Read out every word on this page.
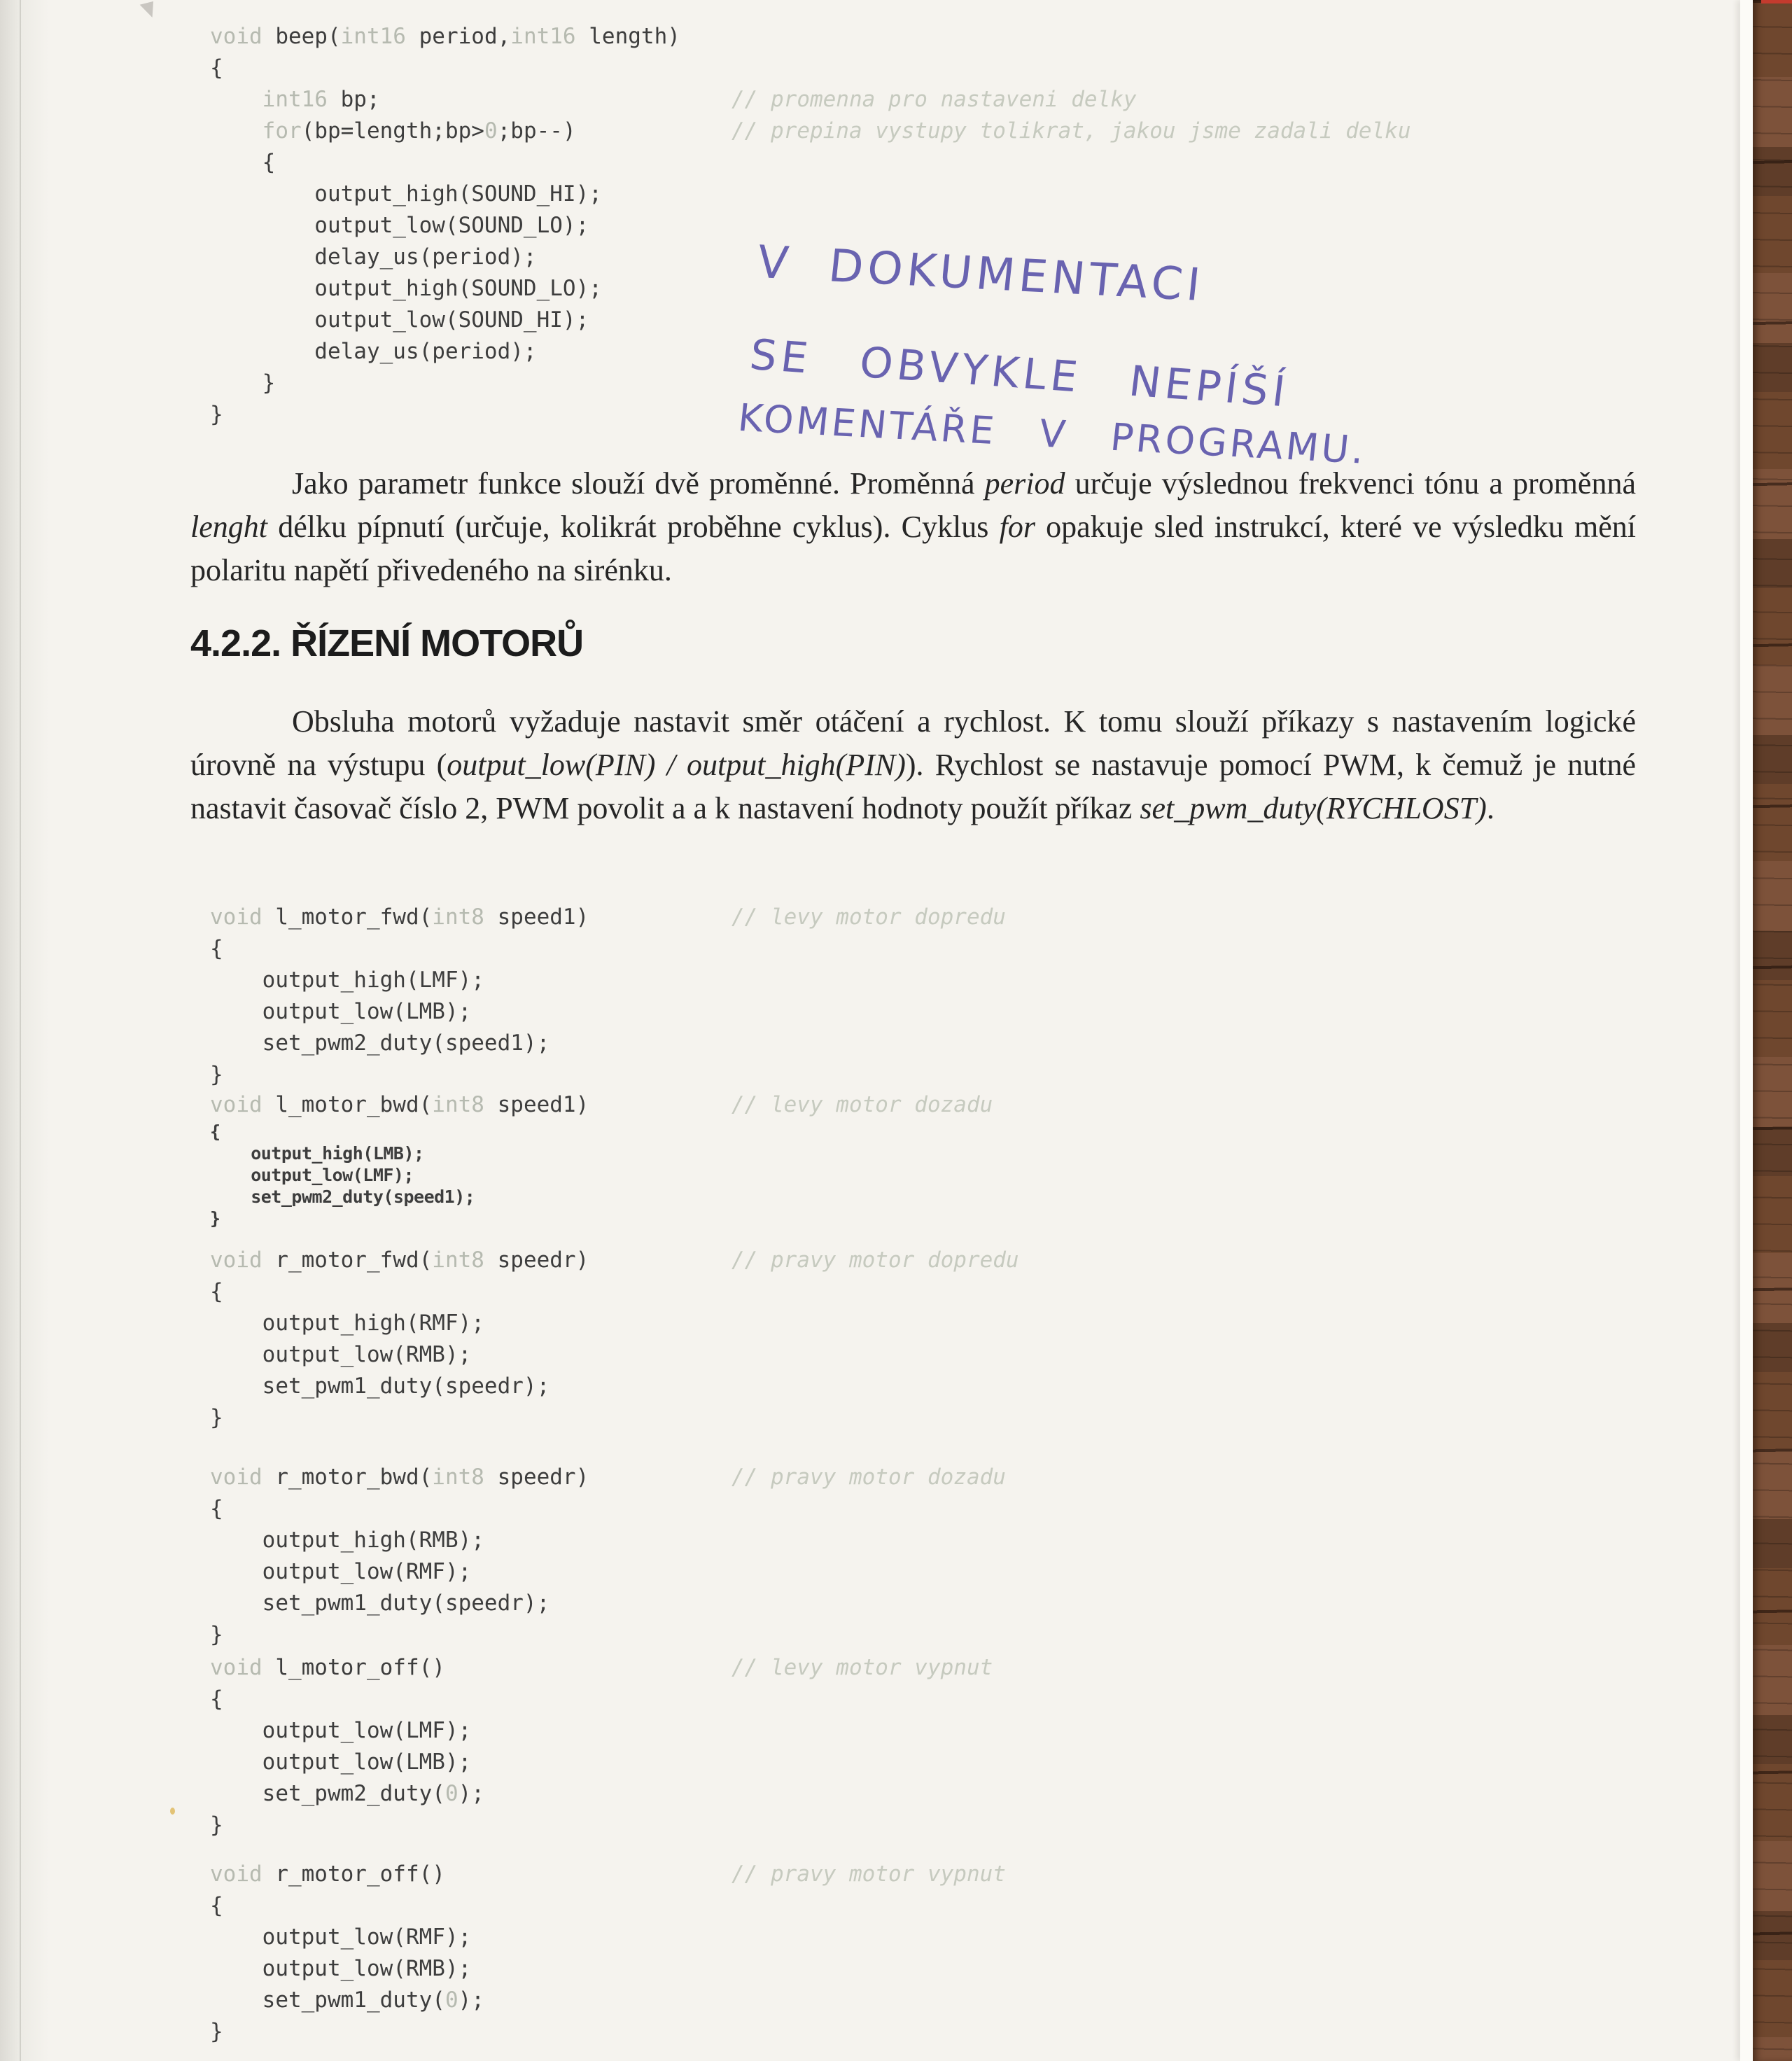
void beep(int16 period,int16 length)
{
int16 bp;	// promenna pro nastaveni delky
for(bp=length;bp>0;bp--)	// prepina vystupy tolikrat, jakou jsme zadali delku
{
output_high(SOUND_HI);
output_low(SOUND_LO);
delay_us(period);
output_high(SOUND_LO);
output_low(SOUND_HI);
delay_us(period);
}
}
V DOKUMENTACI
SE OBVYKLE NEPÍŠÍ
KOMENTÁŘE V PROGRAMU.

Jako parametr funkce slouží dvě proměnné. Proměnná period určuje výslednou frekvenci tónu a proměnná lenght délku pípnutí (určuje, kolikrát proběhne cyklus). Cyklus for opakuje sled instrukcí, které ve výsledku mění polaritu napětí přivedeného na sirénku.

4.2.2. ŘÍZENÍ MOTORŮ

Obsluha motorů vyžaduje nastavit směr otáčení a rychlost. K tomu slouží příkazy s nastavením logické úrovně na výstupu (output_low(PIN) / output_high(PIN)). Rychlost se nastavuje pomocí PWM, k čemuž je nutné nastavit časovač číslo 2, PWM povolit a a k nastavení hodnoty použít příkaz set_pwm_duty(RYCHLOST).

void l_motor_fwd(int8 speed1)	// levy motor dopredu
{
output_high(LMF);
output_low(LMB);
set_pwm2_duty(speed1);
}
void l_motor_bwd(int8 speed1)	// levy motor dozadu
{
output_high(LMB);
output_low(LMF);
set_pwm2_duty(speed1);
}
void r_motor_fwd(int8 speedr)	// pravy motor dopredu
{
output_high(RMF);
output_low(RMB);
set_pwm1_duty(speedr);
}
void r_motor_bwd(int8 speedr)	// pravy motor dozadu
{
output_high(RMB);
output_low(RMF);
set_pwm1_duty(speedr);
}
void l_motor_off()	// levy motor vypnut
{
output_low(LMF);
output_low(LMB);
set_pwm2_duty(0);
}
void r_motor_off()	// pravy motor vypnut
{
output_low(RMF);
output_low(RMB);
set_pwm1_duty(0);
}
